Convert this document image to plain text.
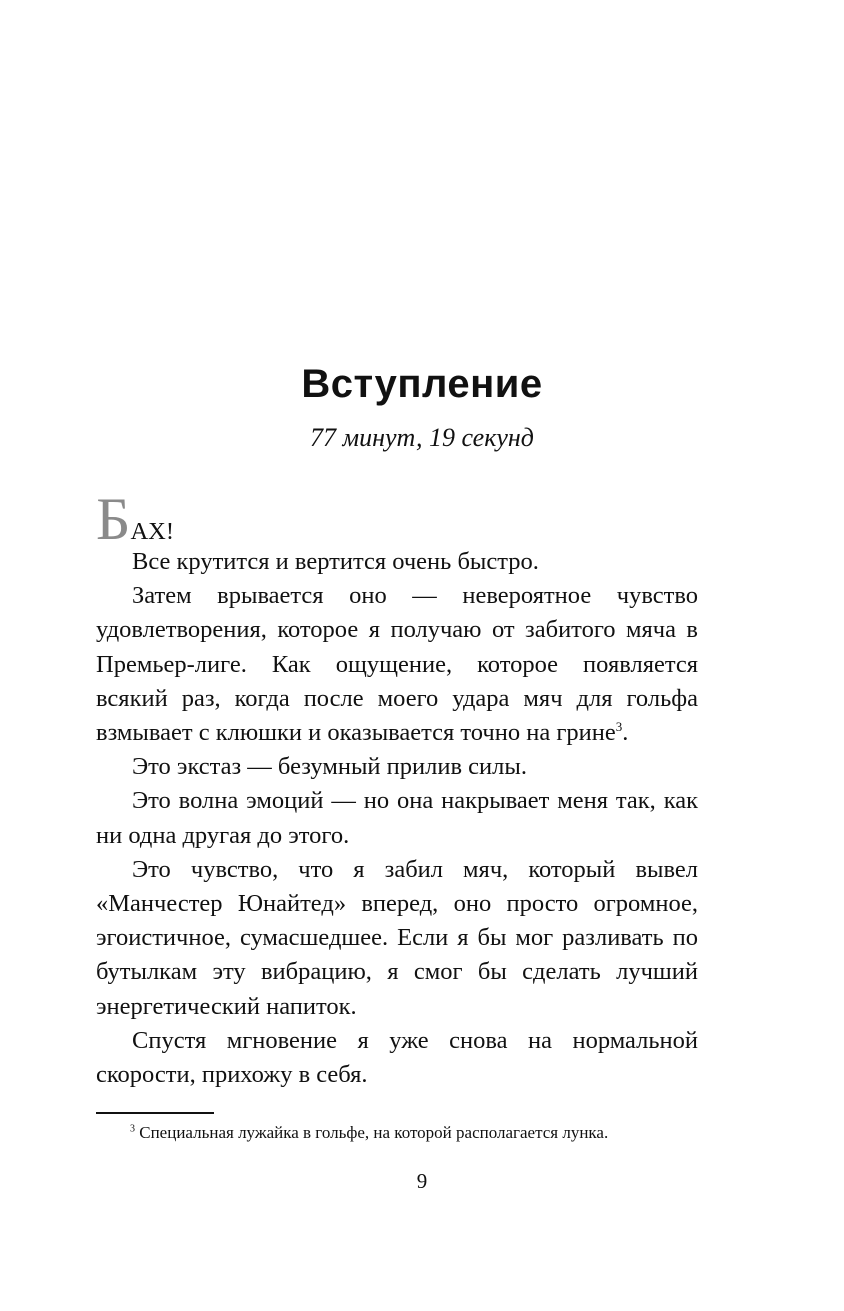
Вступление
77 минут, 19 секунд
БАХ!

Все крутится и вертится очень быстро.

Затем врывается оно — невероятное чувство удовлетворения, которое я получаю от забитого мяча в Премьер-лиге. Как ощущение, которое появляется всякий раз, когда после моего удара мяч для гольфа взмывает с клюшки и оказывается точно на грине$^3$.

Это экстаз — безумный прилив силы.

Это волна эмоций — но она накрывает меня так, как ни одна другая до этого.

Это чувство, что я забил мяч, который вывел «Манчестер Юнайтед» вперед, оно просто огромное, эгоистичное, сумасшедшее. Если я бы мог разливать по бутылкам эту вибрацию, я смог бы сделать лучший энергетический напиток.

Спустя мгновение я уже снова на нормальной скорости, прихожу в себя.

$^3$ Специальная лужайка в гольфе, на которой располагается лунка.
9
